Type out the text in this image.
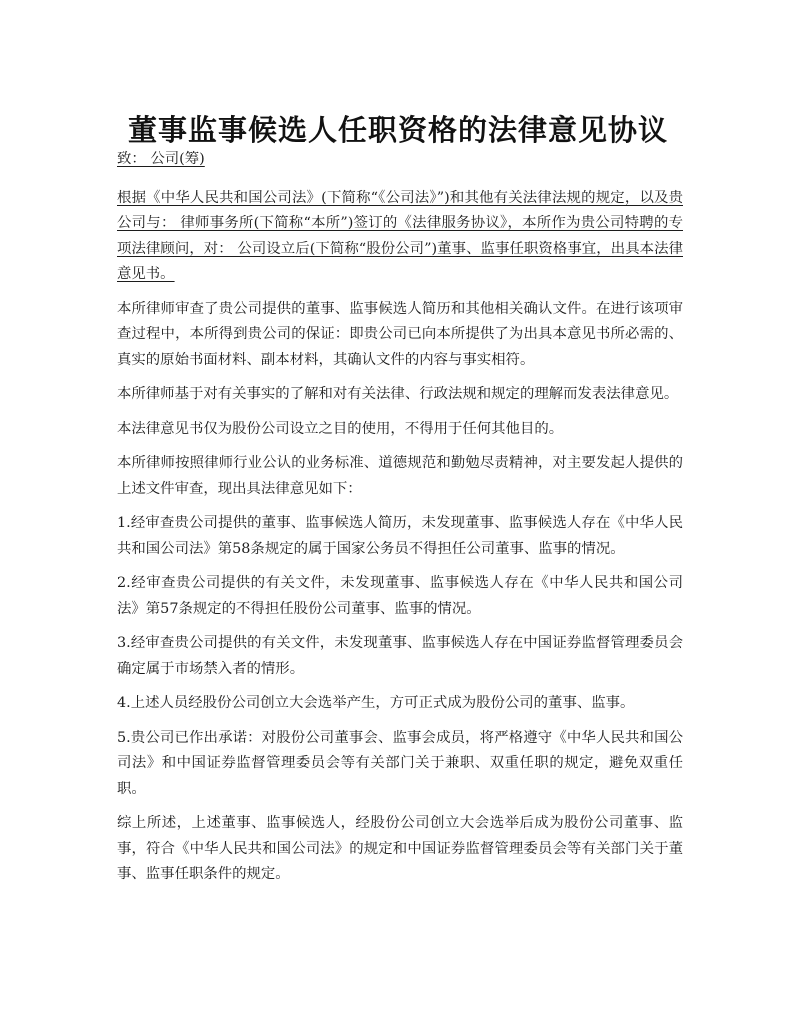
董事监事候选人任职资格的法律意见协议

致： 公司(筹)

根据《中华人民共和国公司法》(下简称“《公司法》”)和其他有关法律法规的规定，以及贵公司与： 律师事务所(下简称“本所”)签订的《法律服务协议》，本所作为贵公司特聘的专项法律顾问，对： 公司设立后(下简称“股份公司”)董事、监事任职资格事宜，出具本法律意见书。

本所律师审查了贵公司提供的董事、监事候选人简历和其他相关确认文件。在进行该项审查过程中，本所得到贵公司的保证：即贵公司已向本所提供了为出具本意见书所必需的、真实的原始书面材料、副本材料，其确认文件的内容与事实相符。

本所律师基于对有关事实的了解和对有关法律、行政法规和规定的理解而发表法律意见。

本法律意见书仅为股份公司设立之目的使用，不得用于任何其他目的。

本所律师按照律师行业公认的业务标准、道德规范和勤勉尽责精神，对主要发起人提供的上述文件审查，现出具法律意见如下：

1.经审查贵公司提供的董事、监事候选人简历，未发现董事、监事候选人存在《中华人民共和国公司法》第58条规定的属于国家公务员不得担任公司董事、监事的情况。

2.经审查贵公司提供的有关文件，未发现董事、监事候选人存在《中华人民共和国公司法》第57条规定的不得担任股份公司董事、监事的情况。

3.经审查贵公司提供的有关文件，未发现董事、监事候选人存在中国证券监督管理委员会确定属于市场禁入者的情形。

4.上述人员经股份公司创立大会选举产生，方可正式成为股份公司的董事、监事。

5.贵公司已作出承诺：对股份公司董事会、监事会成员，将严格遵守《中华人民共和国公司法》和中国证券监督管理委员会等有关部门关于兼职、双重任职的规定，避免双重任职。

综上所述，上述董事、监事候选人，经股份公司创立大会选举后成为股份公司董事、监事，符合《中华人民共和国公司法》的规定和中国证券监督管理委员会等有关部门关于董事、监事任职条件的规定。
